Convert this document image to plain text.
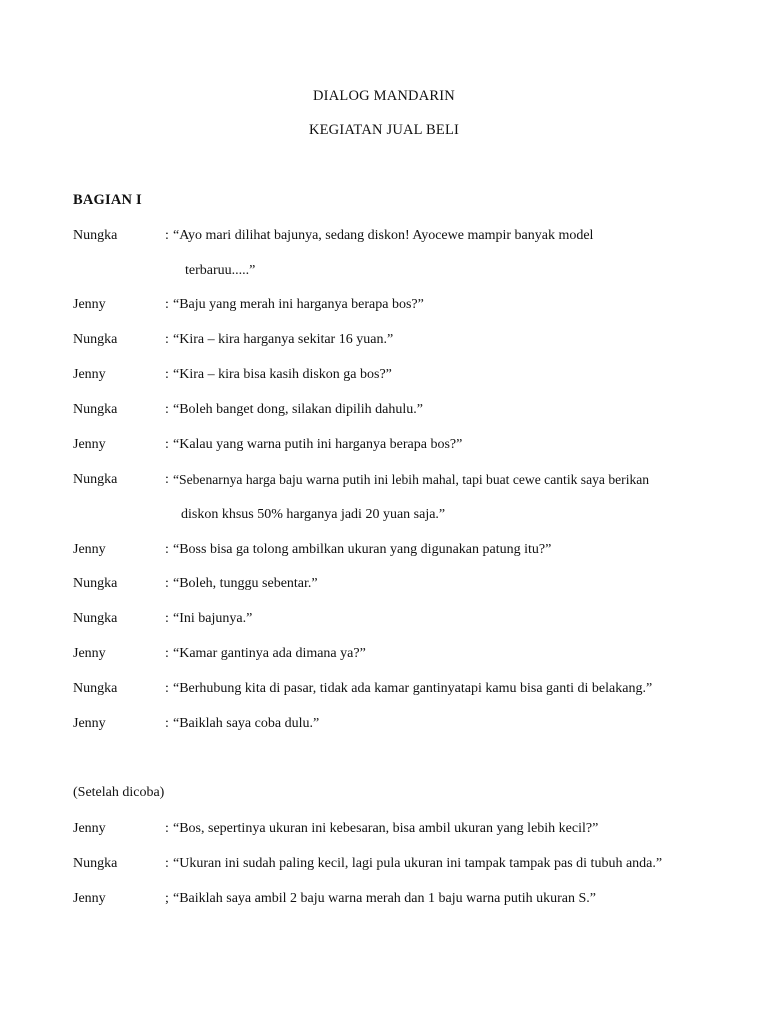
DIALOG MANDARIN
KEGIATAN JUAL BELI
BAGIAN I
Nungka	: “Ayo mari dilihat bajunya, sedang diskon! Ayocewe mampir banyak model
terbaruu.....”
Jenny	: “Baju yang merah ini harganya berapa bos?”
Nungka	: “Kira – kira harganya sekitar 16 yuan.”
Jenny	: “Kira – kira bisa kasih diskon ga bos?”
Nungka	: “Boleh banget dong, silakan dipilih dahulu.”
Jenny	: “Kalau yang warna putih ini harganya berapa bos?”
Nungka	: “Sebenarnya harga baju warna putih ini lebih mahal, tapi buat cewe cantik saya berikan
diskon khsus 50% harganya jadi 20 yuan saja.”
Jenny	: “Boss bisa ga tolong ambilkan ukuran yang digunakan patung itu?”
Nungka	: “Boleh, tunggu sebentar.”
Nungka	: “Ini bajunya.”
Jenny	: “Kamar gantinya ada dimana ya?”
Nungka	: “Berhubung kita di pasar, tidak ada kamar gantinyatapi kamu bisa ganti di belakang.”
Jenny	: “Baiklah saya coba dulu.”
(Setelah dicoba)
Jenny	: “Bos, sepertinya ukuran ini kebesaran, bisa ambil ukuran yang lebih kecil?”
Nungka	: “Ukuran ini sudah paling kecil, lagi pula ukuran ini tampak tampak pas di tubuh anda.”
Jenny	; “Baiklah saya ambil 2 baju warna merah dan 1 baju warna putih ukuran S.”
